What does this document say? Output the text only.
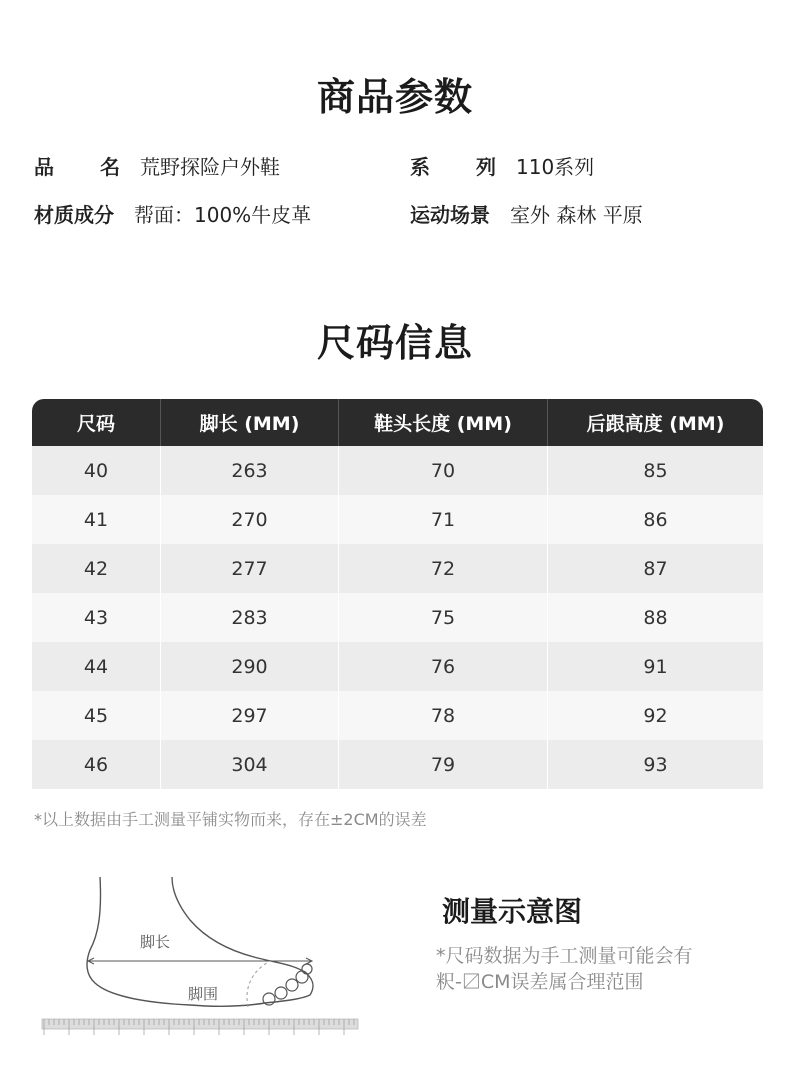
商品参数
品　　名 荒野探险户外鞋	系　　列 110系列
材质成分 帮面：100%牛皮革	运动场景 室外 森林 平原
尺码信息
尺码	脚长 (MM)	鞋头长度 (MM)	后跟高度 (MM)
40	263	70	85
41	270	71	86
42	277	72	87
43	283	75	88
44	290	76	91
45	297	78	92
46	304	79	93
*以上数据由手工测量平铺实物而来，存在±2CM的误差
脚长
脚围
测量示意图
*尺码数据为手工测量可能会有
粎-〼CM误差属合理范围
